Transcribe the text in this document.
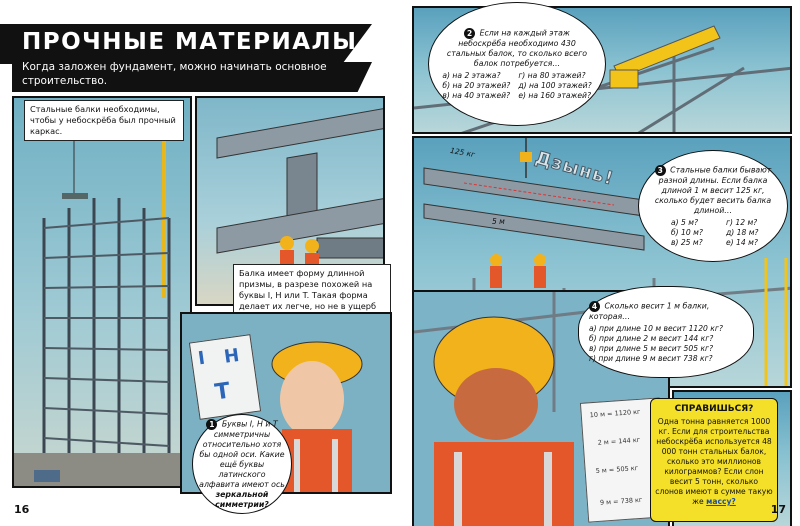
Стальные балки необходимы, чтобы у небоскрёба был прочный каркас.
Балка имеет форму длинной призмы, в разрезе похожей на буквы I, H или T. Такая форма делает их легче, но не в ущерб
I H
T
1 Буквы I, H и T симметричны относительно хотя бы одной оси. Какие ещё буквы латинского алфавита имеют ось зеркальной симметрии?
ПРОЧНЫЕ МАТЕРИАЛЫ
Когда заложен фундамент, можно начинать основное строительство.
16
2 Если на каждый этаж небоскрёба необходимо 430 стальных балок, то сколько всего балок потребуется…
а) на 2 этажа?	г) на 80 этажей?
б) на 20 этажей? д) на 100 этажей?
в) на 40 этажей? е) на 160 этажей?
125 кг
5 м
Дзынь!	3 Стальные балки бывают разной длины. Если балка длиной 1 м весит 125 кг, сколько будет весить балка длиной…
а) 5 м?	г) 12 м?
б) 10 м?	д) 18 м?
в) 25 м?	е) 14 м?
10 м = 1120 кг
2 м = 144 кг
5 м = 505 кг
9 м = 738 кг
4 Сколько весит 1 м балки, которая…
а) при длине 10 м весит 1120 кг?
б) при длине 2 м весит 144 кг?
в) при длине 5 м весит 505 кг?
г) при длине 9 м весит 738 кг?
СПРАВИШЬСЯ?
Одна тонна равняется 1000 кг. Если для строительства небоскрёба используется 48 000 тонн стальных балок, сколько это миллионов килограммов? Если слон весит 5 тонн, сколько слонов имеют в сумме такую же массу?
17
